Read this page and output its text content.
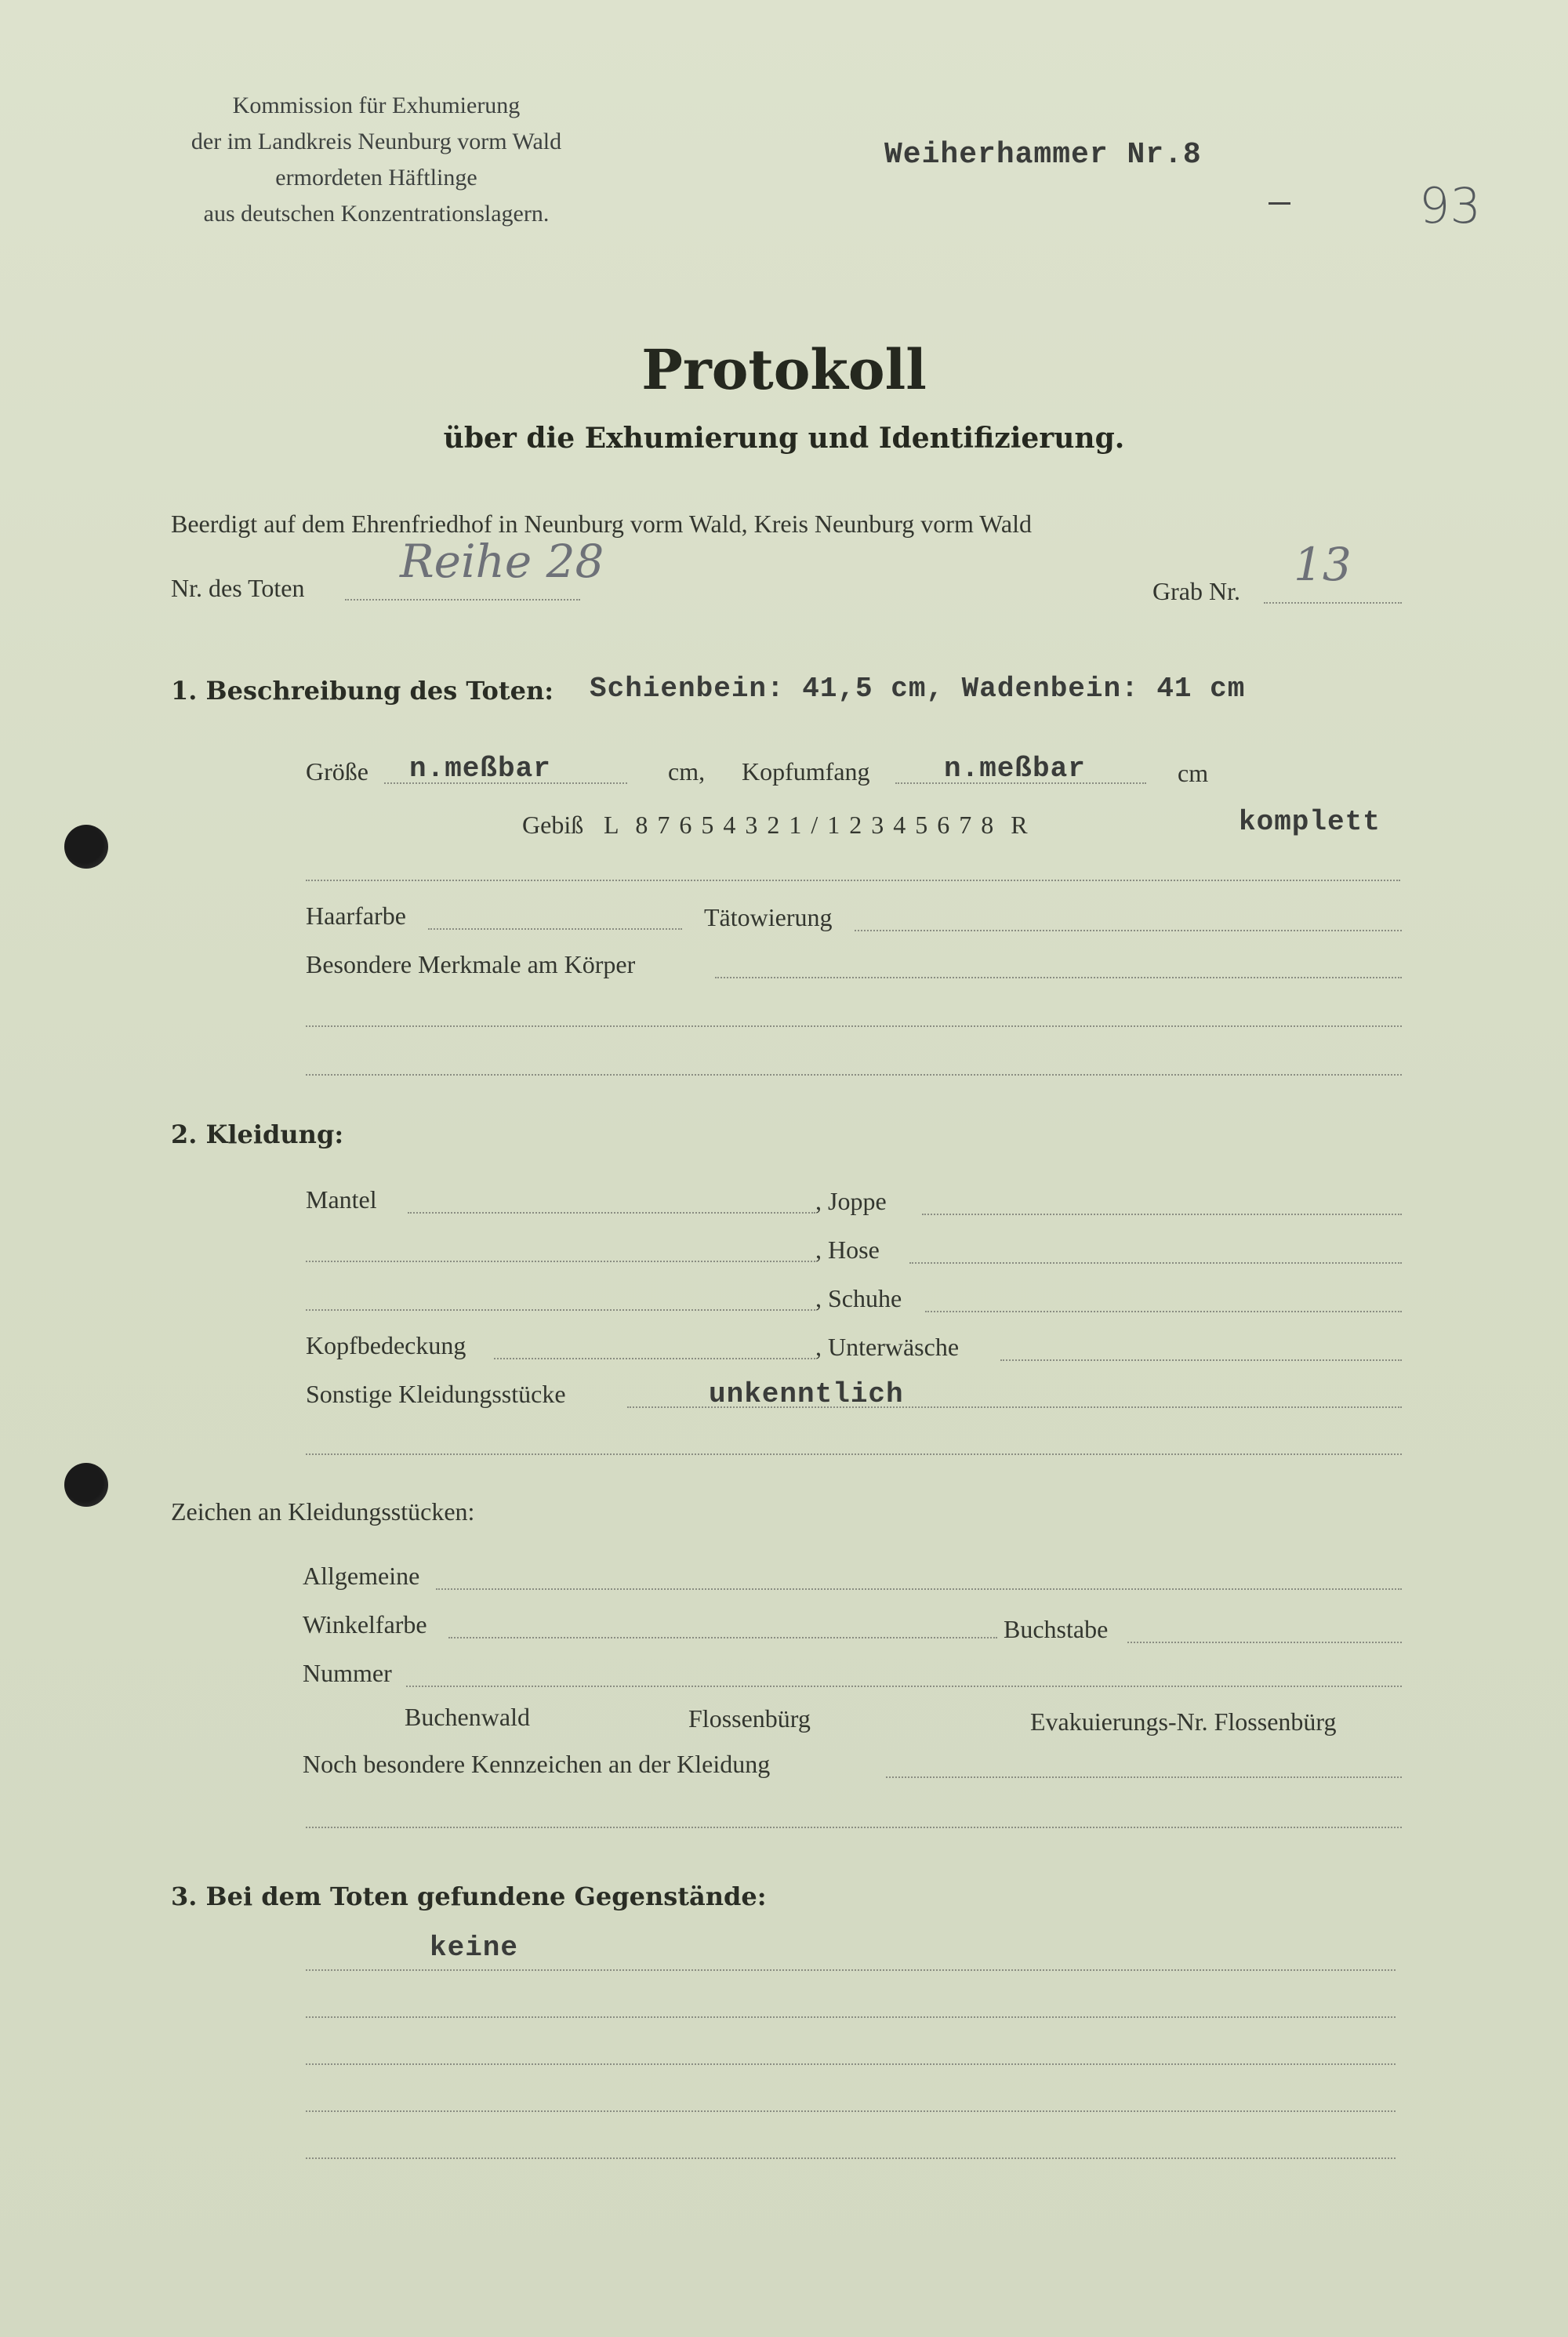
Kommission für Exhumierung
der im Landkreis Neunburg vorm Wald
ermordeten Häftlinge
aus deutschen Konzentrationslagern.
Weiherhammer Nr.8
93
Protokoll
über die Exhumierung und Identifizierung.
Beerdigt auf dem Ehrenfriedhof in Neunburg vorm Wald, Kreis Neunburg vorm Wald
Nr. des Toten Reihe 28
Grab Nr. 13
1. Beschreibung des Toten: Schienbein: 41,5 cm, Wadenbein: 41 cm
Größe n.meßbar	cm, Kopfumfang	n.meßbar	cm
Gebiß L  8 7 6 5 4 3 2 1 / 1 2 3 4 5 6 7 8  R	komplett
Haarfarbe	Tätowierung
Besondere Merkmale am Körper
2. Kleidung:
Mantel	, Joppe
, Hose
, Schuhe
Kopfbedeckung	, Unterwäsche
Sonstige Kleidungsstücke	unkenntlich
Zeichen an Kleidungsstücken:
Allgemeine
Winkelfarbe	Buchstabe
Nummer
Buchenwald	Flossenbürg	Evakuierungs-Nr. Flossenbürg
Noch besondere Kennzeichen an der Kleidung
3. Bei dem Toten gefundene Gegenstände:
keine
